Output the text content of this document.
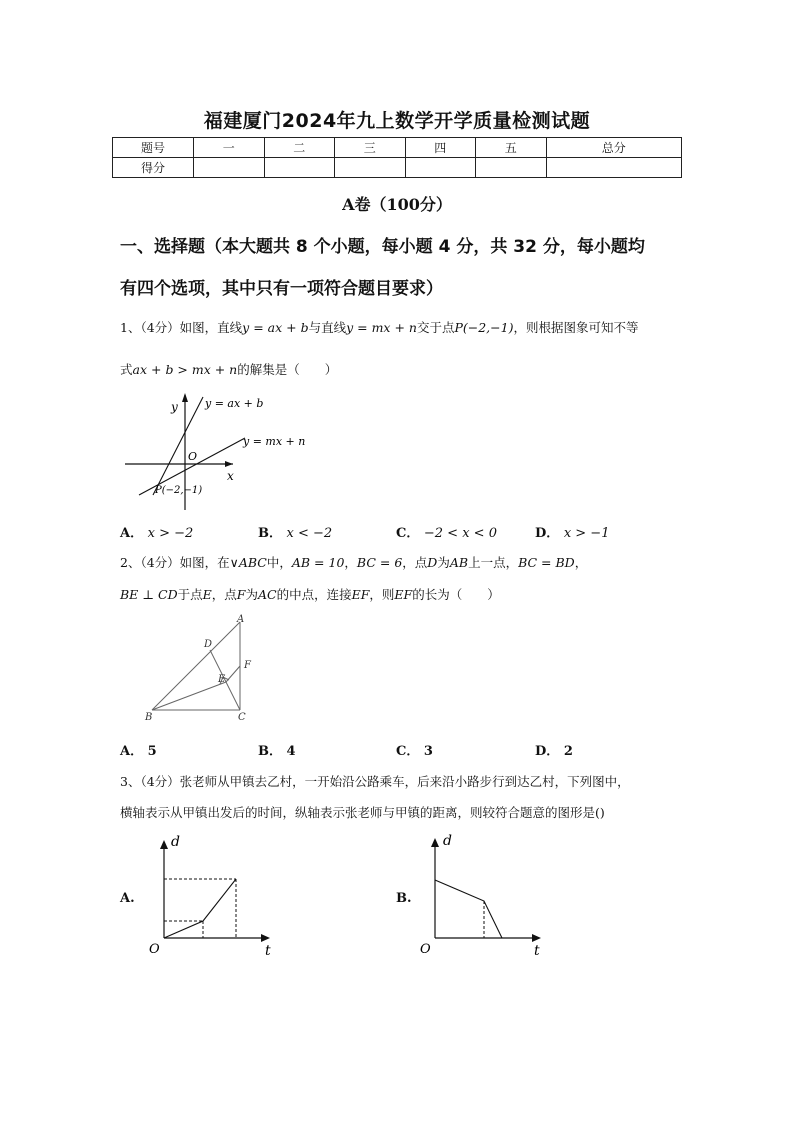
福建厦门2024年九上数学开学质量检测试题
题号	一	二	三	四	五	总分
得分						
A卷（100分）
一、选择题（本大题共 8 个小题，每小题 4 分，共 32 分，每小题均
有四个选项，其中只有一项符合题目要求）
1、（4分）如图，直线y = ax + b与直线y = mx + n交于点P(−2,−1)，则根据图象可知不等
式ax + b > mx + n的解集是（　　）
y = ax + b
y = mx + n
y
x
O
P(−2,−1)
A． x > −2	B． x < −2	C． −2 < x < 0	D． x > −1
2、（4分）如图，在∨ABC中，AB = 10，BC = 6，点D为AB上一点，BC = BD，
BE ⊥ CD于点E，点F为AC的中点，连接EF，则EF的长为（　　）
A
B	C
D
E
F
A． 5	B． 4	C． 3	D． 2
3、（4分）张老师从甲镇去乙村，一开始沿公路乘车，后来沿小路步行到达乙村，下列图中，
横轴表示从甲镇出发后的时间，纵轴表示张老师与甲镇的距离，则较符合题意的图形是()
A.
d
t
O
B.
d
t
O
